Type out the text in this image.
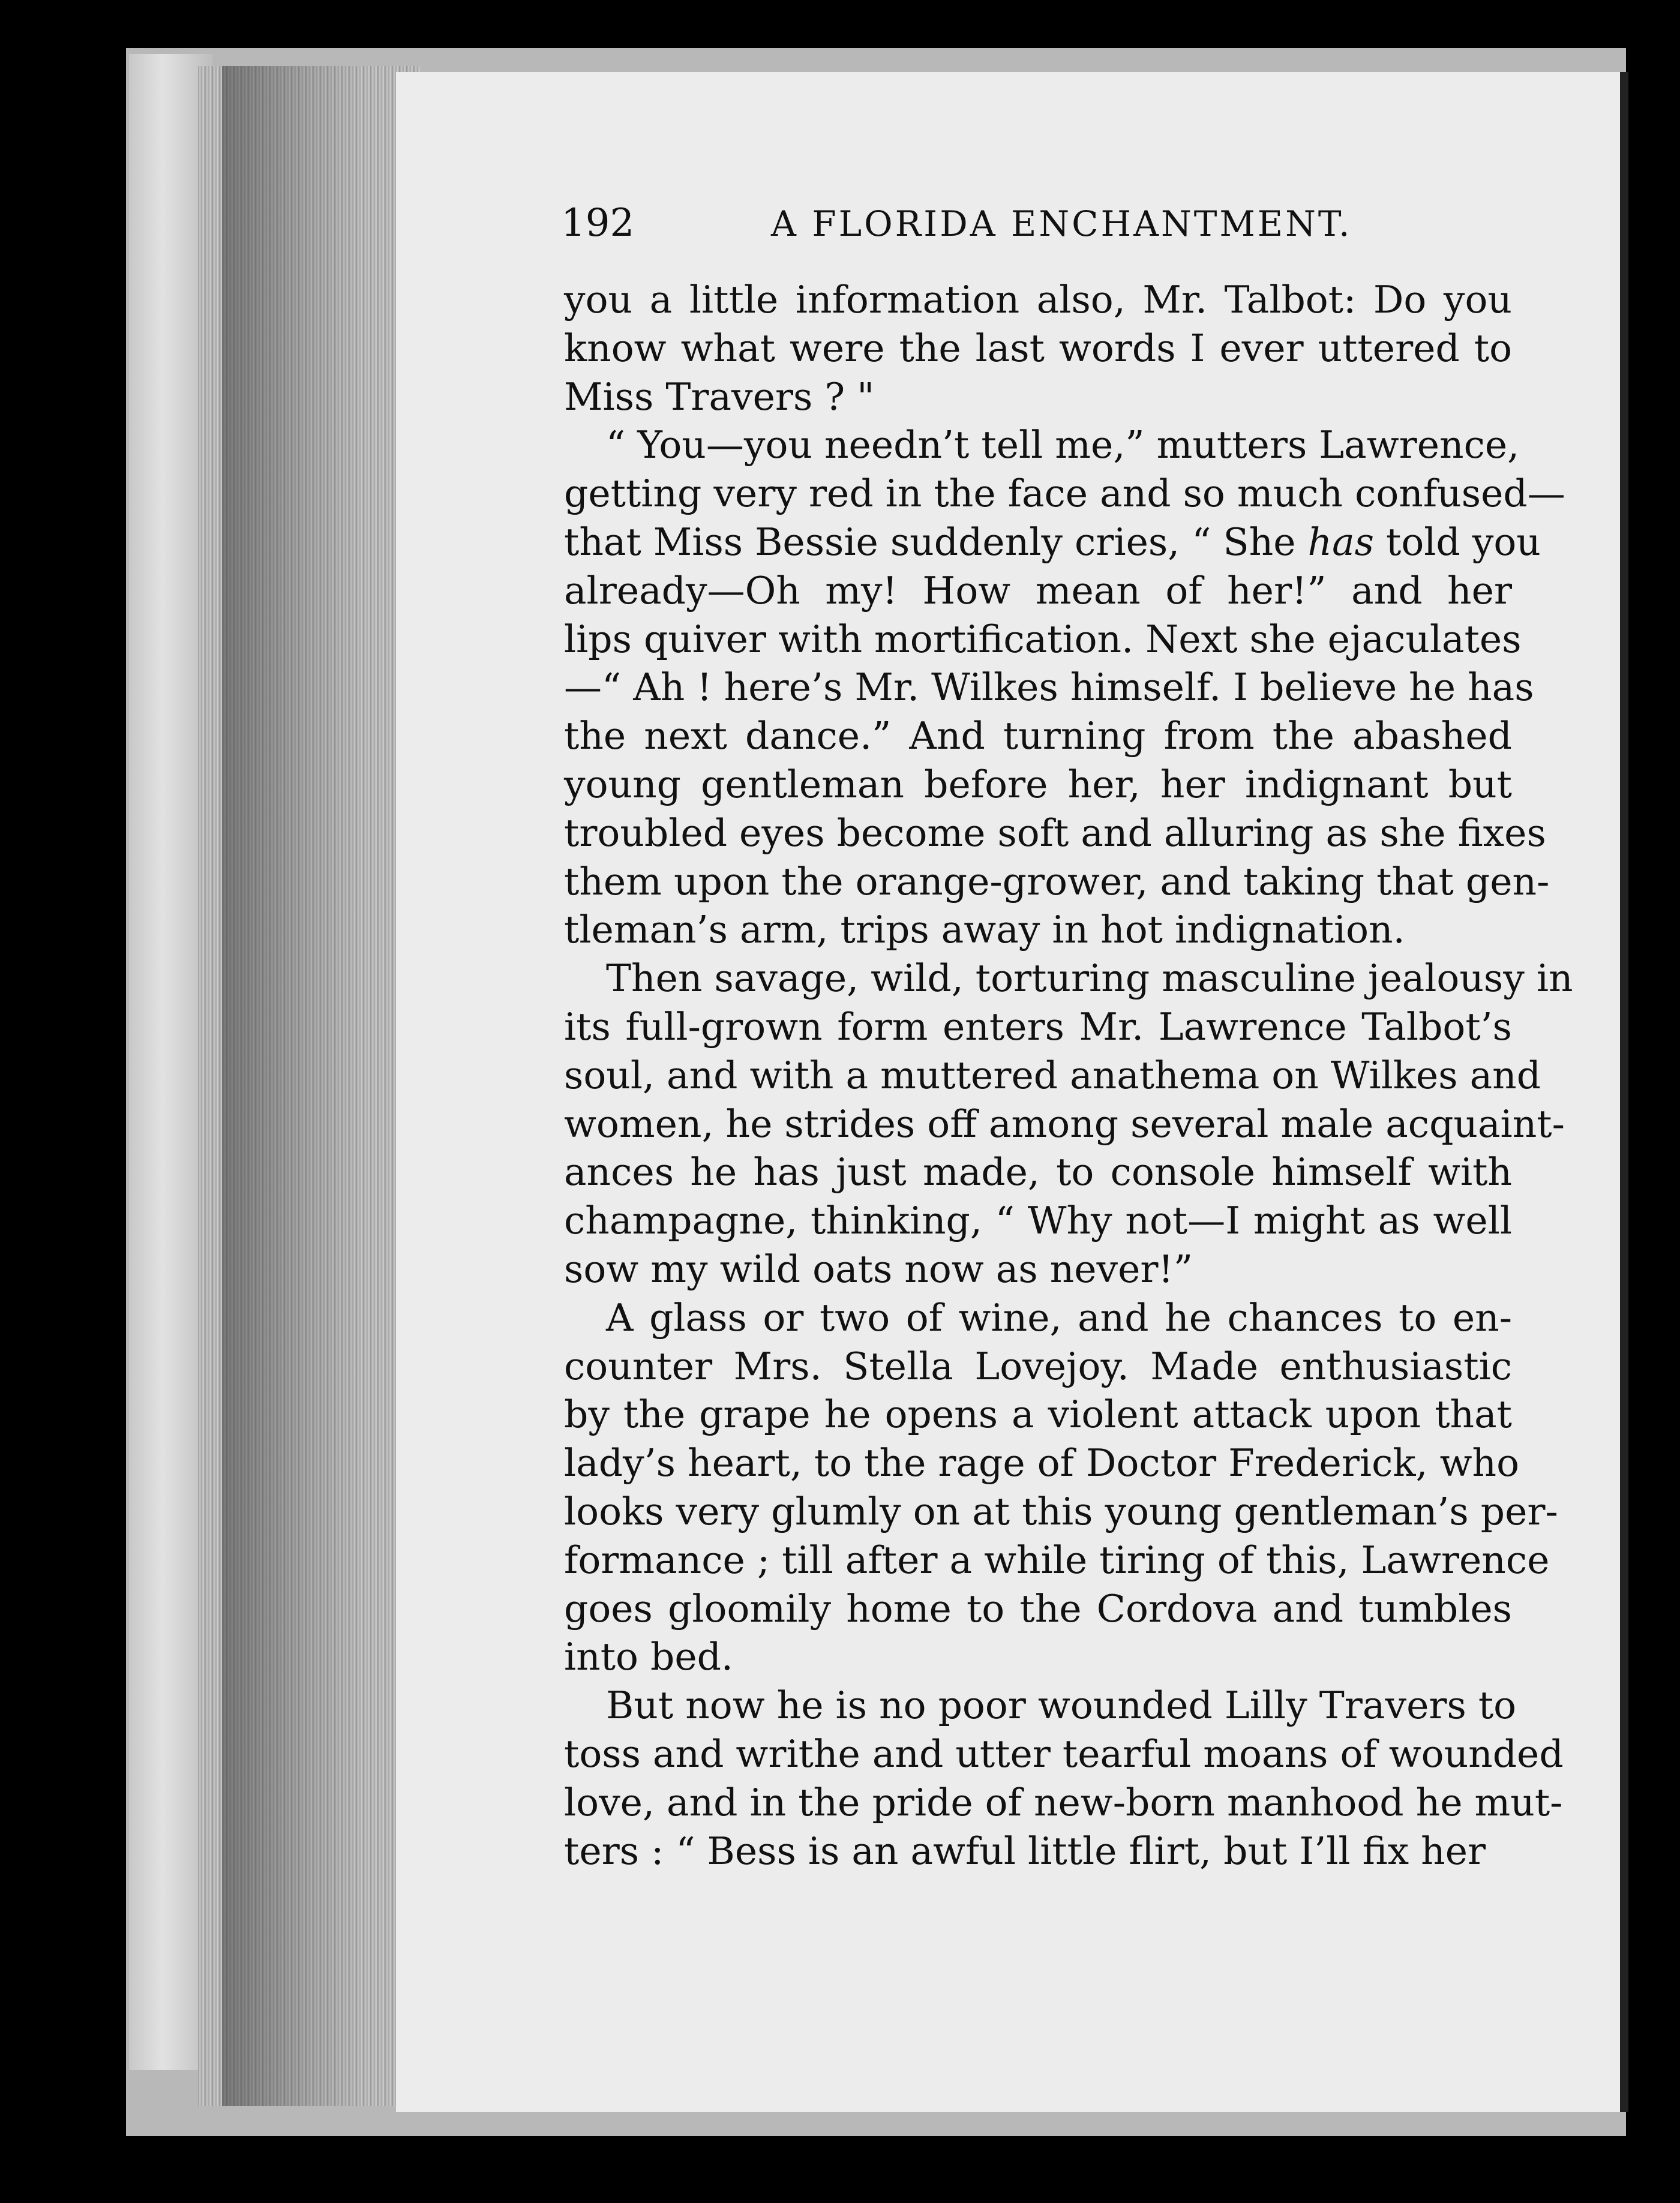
192	A FLORIDA ENCHANTMENT.
you a little information also, Mr. Talbot: Do you
know what were the last words I ever uttered to
Miss Travers ? "
“ You—you needn’t tell me,” mutters Lawrence,
getting very red in the face and so much confused—
that Miss Bessie suddenly cries, “ She has told you
already—Oh my! How mean of her!” and her
lips quiver with mortification. Next she ejaculates
—“ Ah ! here’s Mr. Wilkes himself. I believe he has
the next dance.” And turning from the abashed
young gentleman before her, her indignant but
troubled eyes become soft and alluring as she fixes
them upon the orange-grower, and taking that gen-
tleman’s arm, trips away in hot indignation.
Then savage, wild, torturing masculine jealousy in
its full-grown form enters Mr. Lawrence Talbot’s
soul, and with a muttered anathema on Wilkes and
women, he strides off among several male acquaint-
ances he has just made, to console himself with
champagne, thinking, “ Why not—I might as well
sow my wild oats now as never!”
A glass or two of wine, and he chances to en-
counter Mrs. Stella Lovejoy. Made enthusiastic
by the grape he opens a violent attack upon that
lady’s heart, to the rage of Doctor Frederick, who
looks very glumly on at this young gentleman’s per-
formance ; till after a while tiring of this, Lawrence
goes gloomily home to the Cordova and tumbles
into bed.
But now he is no poor wounded Lilly Travers to
toss and writhe and utter tearful moans of wounded
love, and in the pride of new-born manhood he mut-
ters : “ Bess is an awful little flirt, but I’ll fix her
